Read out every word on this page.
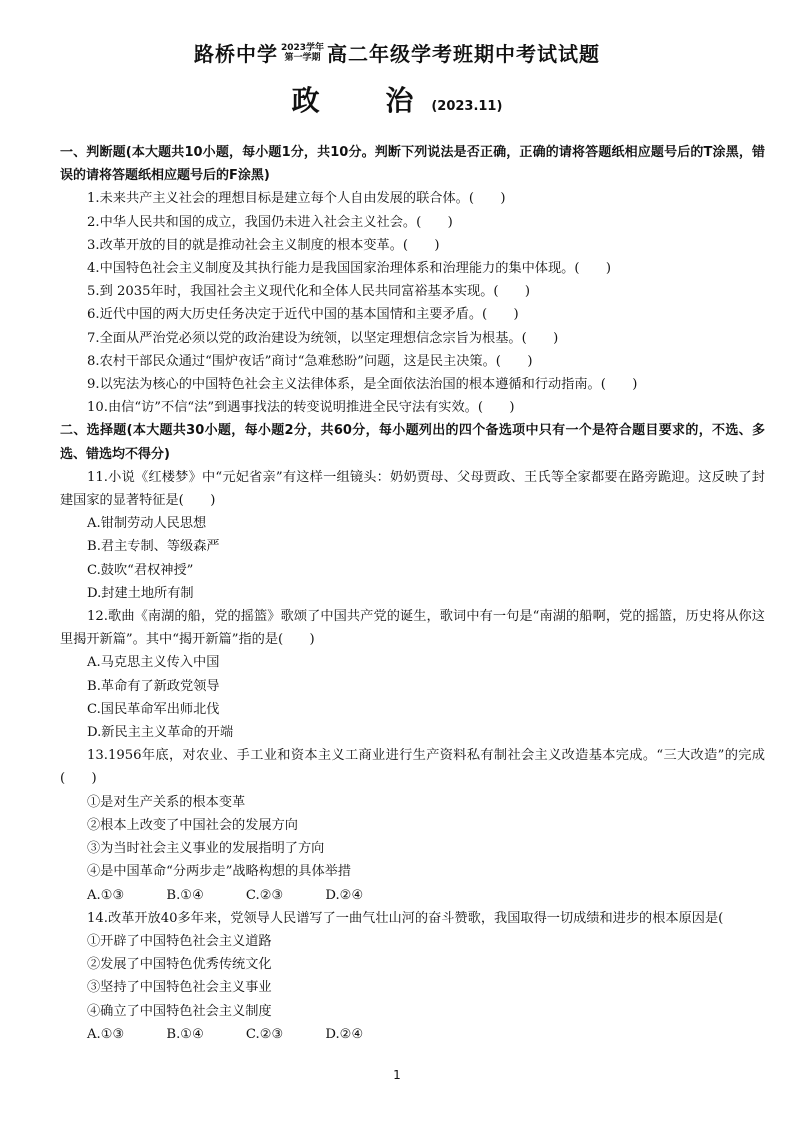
路桥中学 2023学年
第一学期 高二年级学考班期中考试试题

政 治
(2023.11)
一、判断题(本大题共10小题，每小题1分，共10分。判断下列说法是否正确，正确的请将答题纸相应题号后的T涂黑，错误的请将答题纸相应题号后的F涂黑)
1.未来共产主义社会的理想目标是建立每个人自由发展的联合体。(　　)
2.中华人民共和国的成立，我国仍未进入社会主义社会。(　　)
3.改革开放的目的就是推动社会主义制度的根本变革。(　　)
4.中国特色社会主义制度及其执行能力是我国国家治理体系和治理能力的集中体现。(　　)
5.到 2035年时，我国社会主义现代化和全体人民共同富裕基本实现。(　　)
6.近代中国的两大历史任务决定于近代中国的基本国情和主要矛盾。(　　)
7.全面从严治党必须以党的政治建设为统领，以坚定理想信念宗旨为根基。(　　)
8.农村干部民众通过“围炉夜话”商讨“急难愁盼”问题，这是民主决策。(　　)
9.以宪法为核心的中国特色社会主义法律体系，是全面依法治国的根本遵循和行动指南。(　　)
10.由信“访”不信“法”到遇事找法的转变说明推进全民守法有实效。(　　)
二、选择题(本大题共30小题，每小题2分，共60分，每小题列出的四个备选项中只有一个是符合题目要求的，不选、多选、错选均不得分)
11.小说《红楼梦》中“元妃省亲”有这样一组镜头：奶奶贾母、父母贾政、王氏等全家都要在路旁跪迎。这反映了封建国家的显著特征是(　　)
A.钳制劳动人民思想
B.君主专制、等级森严
C.鼓吹“君权神授”
D.封建土地所有制
12.歌曲《南湖的船，党的摇篮》歌颂了中国共产党的诞生，歌词中有一句是“南湖的船啊，党的摇篮，历史将从你这里揭开新篇”。其中“揭开新篇”指的是(　　)
A.马克思主义传入中国
B.革命有了新政党领导
C.国民革命军出师北伐
D.新民主主义革命的开端
13.1956年底，对农业、手工业和资本主义工商业进行生产资料私有制社会主义改造基本完成。“三大改造”的完成(　　)
①是对生产关系的根本变革
②根本上改变了中国社会的发展方向
③为当时社会主义事业的发展指明了方向
④是中国革命“分两步走”战略构想的具体举措
A.①③	B.①④	C.②③	D.②④
14.改革开放40多年来，党领导人民谱写了一曲气壮山河的奋斗赞歌，我国取得一切成绩和进步的根本原因是(
①开辟了中国特色社会主义道路
②发展了中国特色优秀传统文化
③坚持了中国特色社会主义事业
④确立了中国特色社会主义制度
A.①③	B.①④	C.②③	D.②④
1
